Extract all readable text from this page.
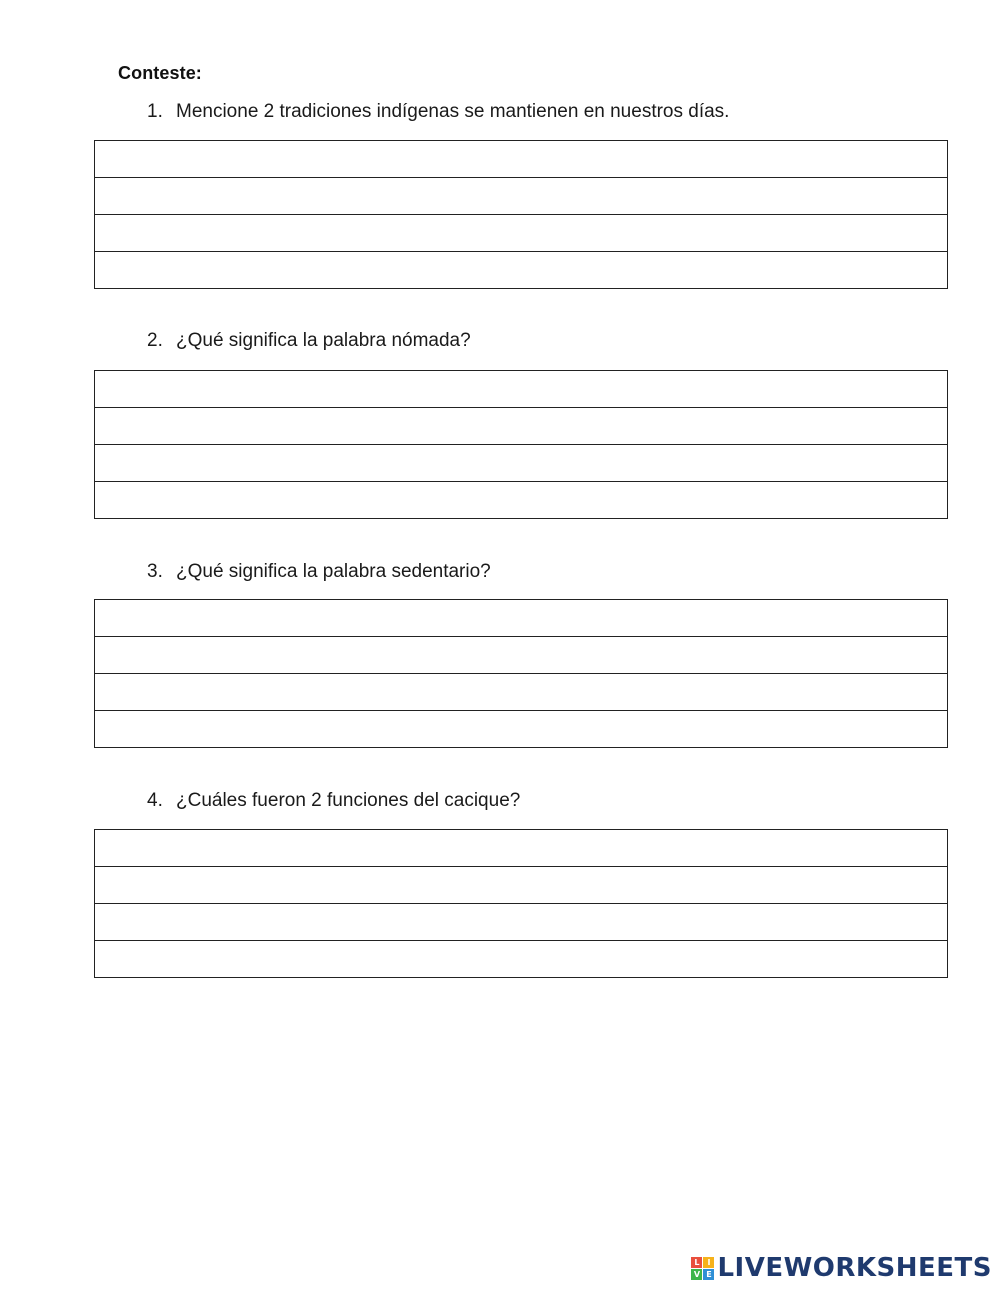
Conteste:
1. Mencione 2 tradiciones indígenas se mantienen en nuestros días.
2. ¿Qué significa la palabra nómada?
3. ¿Qué significa la palabra sedentario?
4. ¿Cuáles fueron 2 funciones del cacique?
L I
V E LIVEWORKSHEETS
